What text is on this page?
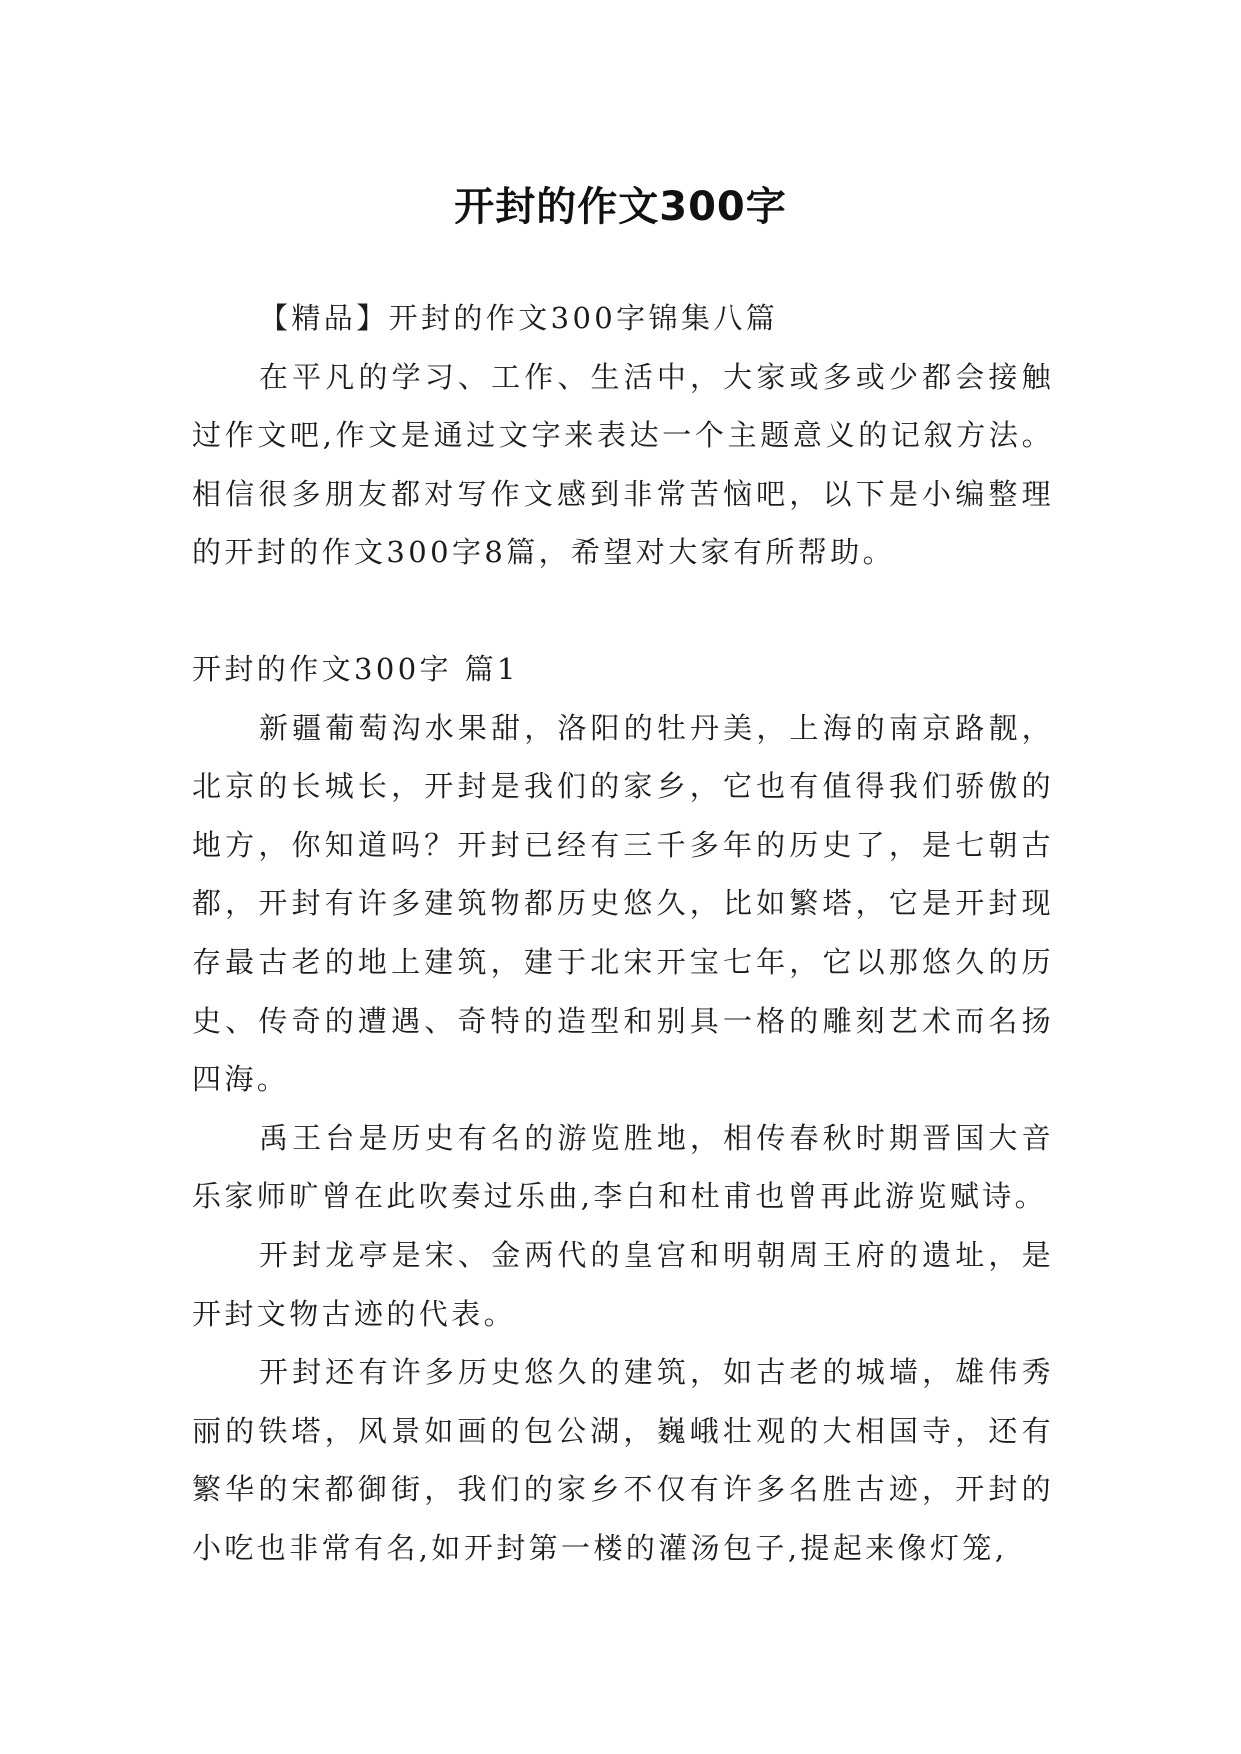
开封的作文300字

【精品】开封的作文300字锦集八篇

在平凡的学习、工作、生活中，大家或多或少都会接触过作文吧,作文是通过文字来表达一个主题意义的记叙方法。相信很多朋友都对写作文感到非常苦恼吧，以下是小编整理的开封的作文300字8篇，希望对大家有所帮助。

开封的作文300字 篇1

新疆葡萄沟水果甜，洛阳的牡丹美，上海的南京路靓，北京的长城长，开封是我们的家乡，它也有值得我们骄傲的地方，你知道吗？开封已经有三千多年的历史了，是七朝古都，开封有许多建筑物都历史悠久，比如繁塔，它是开封现存最古老的地上建筑，建于北宋开宝七年，它以那悠久的历史、传奇的遭遇、奇特的造型和别具一格的雕刻艺术而名扬四海。

禹王台是历史有名的游览胜地，相传春秋时期晋国大音乐家师旷曾在此吹奏过乐曲,李白和杜甫也曾再此游览赋诗。

开封龙亭是宋、金两代的皇宫和明朝周王府的遗址，是开封文物古迹的代表。

开封还有许多历史悠久的建筑，如古老的城墙，雄伟秀丽的铁塔，风景如画的包公湖，巍峨壮观的大相国寺，还有繁华的宋都御街，我们的家乡不仅有许多名胜古迹，开封的小吃也非常有名,如开封第一楼的灌汤包子,提起来像灯笼,
